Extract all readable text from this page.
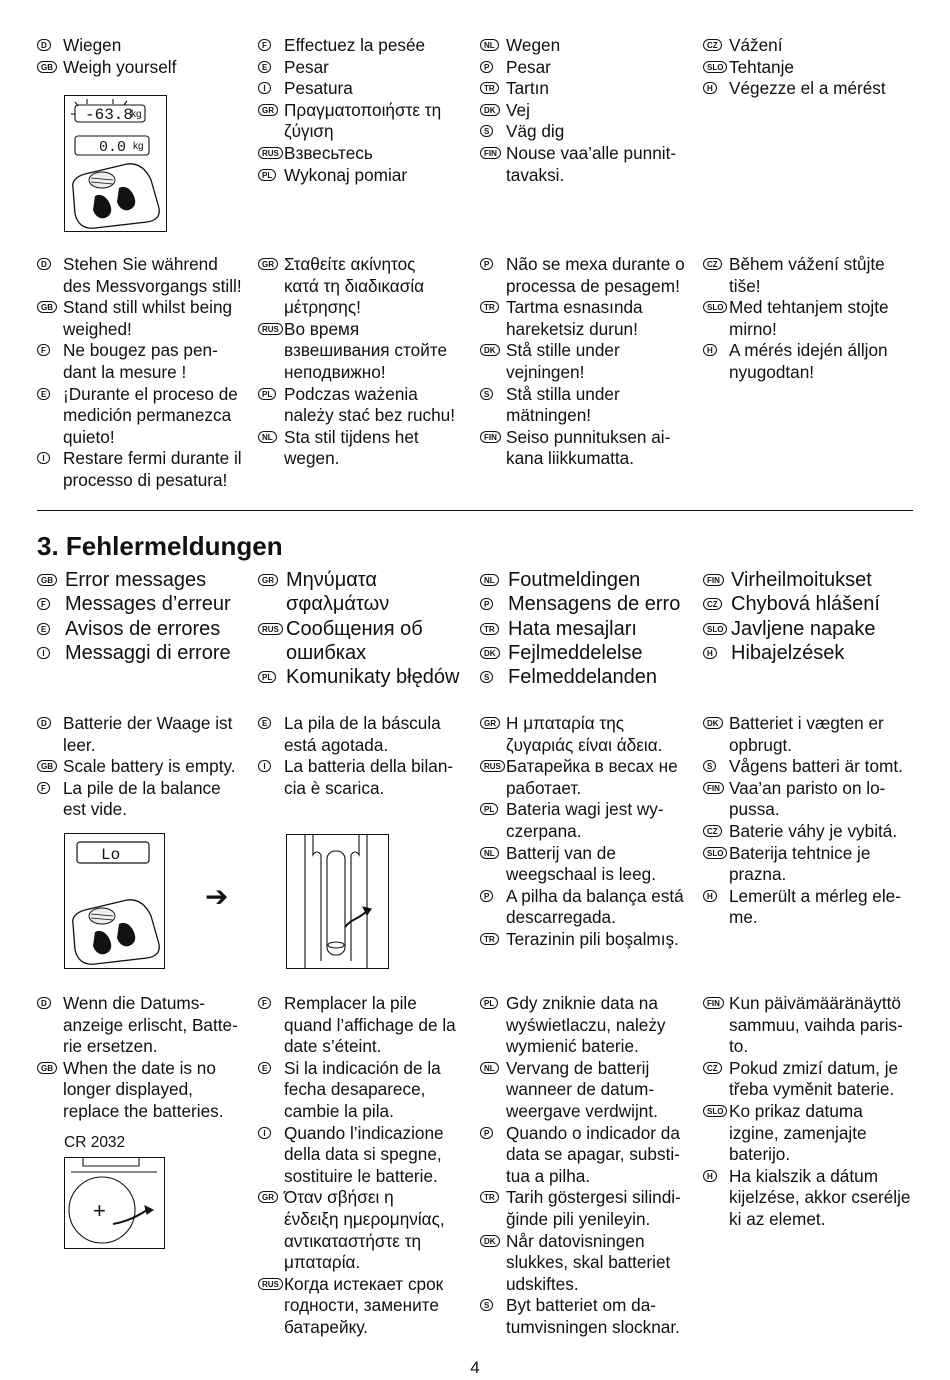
D Wiegen
GB Weigh yourself
F Effectuez la pesée
E Pesar
I	Pesatura
GR Πραγματοποιήστε τη
ζύγιση
RUS Взвесьтесь
PL Wykonaj pomiar
NL Wegen
P Pesar
TR Tartın
DK Vej
S Väg dig
FIN Nouse vaa’alle punnit-
tavaksi.
CZ Vážení
SLO Tehtanje
H Végezze el a mérést
-63.8
kg
0.0 kg
D Stehen Sie während
des Messvorgangs still!
GB Stand still whilst being
weighed!
F Ne bougez pas pen-
dant la mesure !
E ¡Durante el proceso de
medición permanezca
quieto!
I	Restare fermi durante il
processo di pesatura!
GR Σταθείτε ακίνητος
κατά τη διαδικασία
μέτρησης!
RUS Во время
взвешивания стойте
неподвижно!
PL Podczas ważenia
należy stać bez ruchu!
NL Sta stil tijdens het
wegen.
P Não se mexa durante o
processa de pesagem!
TR Tartma esnasında
hareketsiz durun!
DK Stå stille under
vejningen!
S Stå stilla under
mätningen!
FIN Seiso punnituksen ai-
kana liikkumatta.
CZ Během vážení stůjte
tiše!
SLO Med tehtanjem stojte
mirno!
H A mérés idején álljon
nyugodtan!
3. Fehlermeldungen
GB Error messages
F Messages d’erreur
E Avisos de errores
I Messaggi di errore
GR Μηνύματα
σφαλμάτων
RUS Сообщения об
ошибках
PL Komunikaty błędów
NL Foutmeldingen
P Mensagens de erro
TR Hata mesajları
DK Fejlmeddelelse
S Felmeddelanden
FIN Virheilmoitukset
CZ Chybová hlášení
SLO Javljene napake
H Hibajelzések
D Batterie der Waage ist
leer.
GB Scale battery is empty.
F La pile de la balance
est vide.
E La pila de la báscula
está agotada.
I	La batteria della bilan-
cia è scarica.
GR Η μπαταρία της
ζυγαριάς είναι άδεια.
RUS Батарейка в весах не
работает.
PL Bateria wagi jest wy-
czerpana.
NL Batterij van de
weegschaal is leeg.
P A pilha da balança está
descarregada.
TR Terazinin pili boşalmış.
DK Batteriet i vægten er
opbrugt.
S Vågens batteri är tomt.
FIN Vaa’an paristo on lo-
pussa.
CZ Baterie váhy je vybitá.
SLO Baterija tehtnice je
prazna.
H Lemerült a mérleg ele-
me.
Lo
➔
D Wenn die Datums-
anzeige erlischt, Batte-
rie ersetzen.
GB When the date is no
longer displayed,
replace the batteries.
F Remplacer la pile
quand l’affichage de la
date s’éteint.
E Si la indicación de la
fecha desaparece,
cambie la pila.
I	Quando l’indicazione
della data si spegne,
sostituire le batterie.
GR Όταν σβήσει η
ένδειξη ημερομηνίας,
αντικαταστήστε τη
μπαταρία.
RUS Когда истекает срок
годности, замените
батарейку.
PL Gdy zniknie data na
wyświetlaczu, należy
wymienić baterie.
NL Vervang de batterij
wanneer de datum-
weergave verdwijnt.
P Quando o indicador da
data se apagar, substi-
tua a pilha.
TR Tarih göstergesi silindi-
ğinde pili yenileyin.
DK Når datovisningen
slukkes, skal batteriet
udskiftes.
S Byt batteriet om da-
tumvisningen slocknar.
FIN Kun päivämääränäyttö
sammuu, vaihda paris-
to.
CZ Pokud zmizí datum, je
třeba vyměnit baterie.
SLO Ko prikaz datuma
izgine, zamenjajte
baterijo.
H Ha kialszik a dátum
kijelzése, akkor cserélje
ki az elemet.
CR 2032
+
4
